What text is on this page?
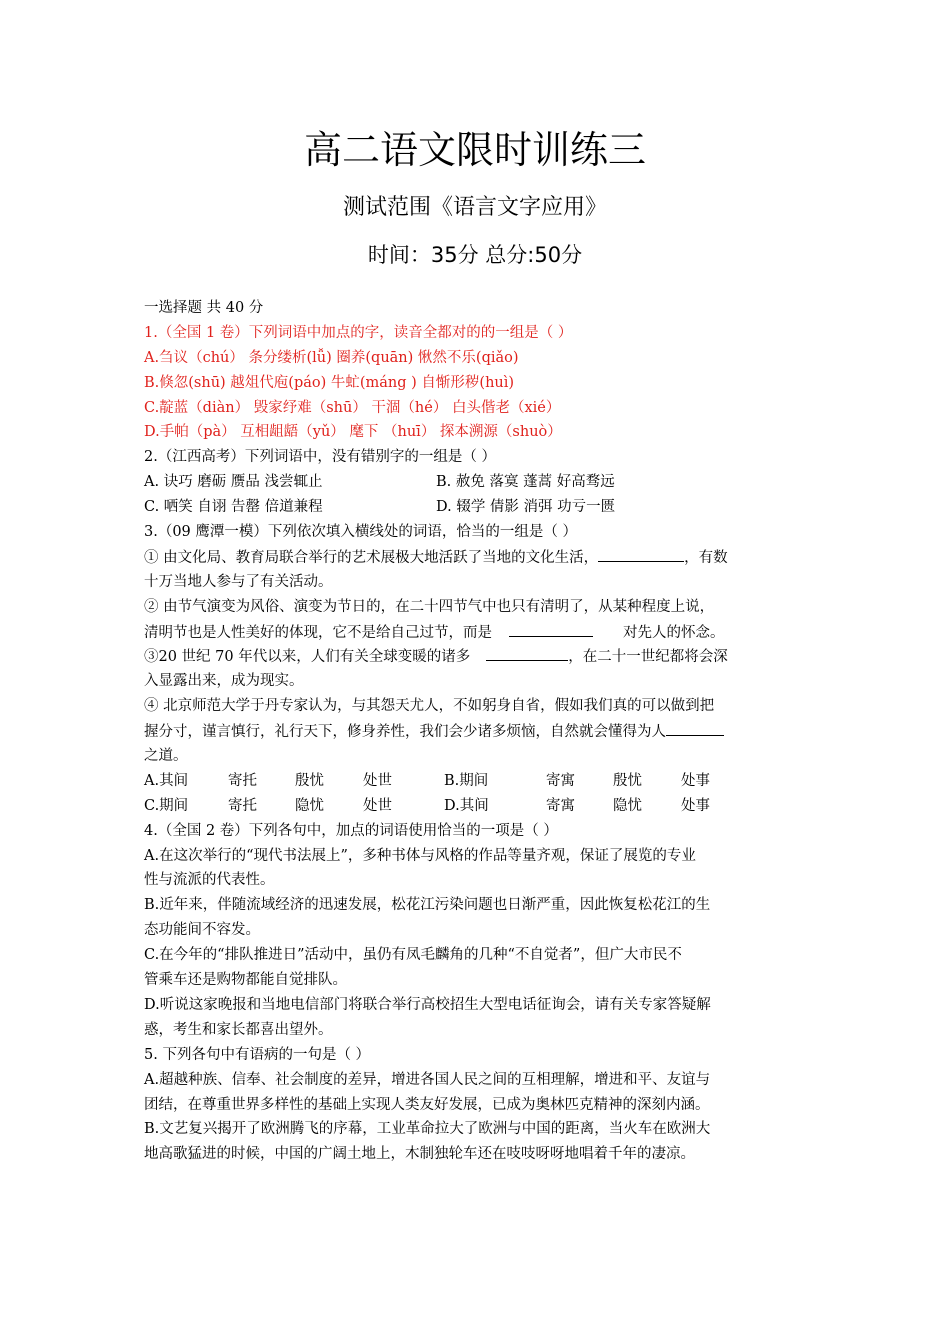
高二语文限时训练三
测试范围《语言文字应用》
时间：35分 总分:50分
一选择题 共 40 分
1.（全国 1 卷）下列词语中加点的字，读音全都对的的一组是（ ）
A.刍议（chú） 条分缕析(lǚ) 圈养(quān) 愀然不乐(qiǎo)
B.倏忽(shū) 越俎代庖(páo) 牛虻(máng ) 自惭形秽(huì)
C.靛蓝（diàn） 毁家纾难（shū） 干涸（hé） 白头偕老（xié）
D.手帕（pà） 互相龃龉（yǔ） 麾下 （huī） 探本溯源（shuò）
2.（江西高考）下列词语中，没有错别字的一组是（ ）
A. 诀巧 磨砺 赝品 浅尝辄止	B. 赦免 落寞 蓬蒿 好高骛远
C. 哂笑 自诩 告罄 倍道兼程	D. 辍学 倩影 消弭 功亏一匮
3.（09 鹰潭一模）下列依次填入横线处的词语，恰当的一组是（ ）
① 由文化局、教育局联合举行的艺术展极大地活跃了当地的文化生活，	，有数
十万当地人参与了有关活动。
② 由节气演变为风俗、演变为节日的，在二十四节气中也只有清明了，从某种程度上说，
清明节也是人性美好的体现，它不是给自己过节，而是	对先人的怀念。
③20 世纪 70 年代以来，人们有关全球变暖的诸多	，在二十一世纪都将会深
入显露出来，成为现实。
④ 北京师范大学于丹专家认为，与其怨天尤人，不如躬身自省，假如我们真的可以做到把
握分寸，谨言慎行，礼行天下，修身养性，我们会少诸多烦恼，自然就会懂得为人
之道。
A.其间	寄托	殷忧	处世	B.期间	寄寓	殷忧	处事
C.期间	寄托	隐忧	处世	D.其间	寄寓	隐忧	处事
4.（全国 2 卷）下列各句中，加点的词语使用恰当的一项是（ ）
A.在这次举行的“现代书法展上”，多种书体与风格的作品等量齐观，保证了展览的专业
性与流派的代表性。
B.近年来，伴随流域经济的迅速发展，松花江污染问题也日渐严重，因此恢复松花江的生
态功能间不容发。
C.在今年的“排队推进日”活动中，虽仍有凤毛麟角的几种“不自觉者”，但广大市民不
管乘车还是购物都能自觉排队。
D.听说这家晚报和当地电信部门将联合举行高校招生大型电话征询会，请有关专家答疑解
惑，考生和家长都喜出望外。
5. 下列各句中有语病的一句是（ ）
A.超越种族、信奉、社会制度的差异，增进各国人民之间的互相理解，增进和平、友谊与
团结，在尊重世界多样性的基础上实现人类友好发展，已成为奥林匹克精神的深刻内涵。
B.文艺复兴揭开了欧洲腾飞的序幕，工业革命拉大了欧洲与中国的距离，当火车在欧洲大
地高歌猛进的时候，中国的广阔土地上，木制独轮车还在吱吱呀呀地唱着千年的凄凉。
